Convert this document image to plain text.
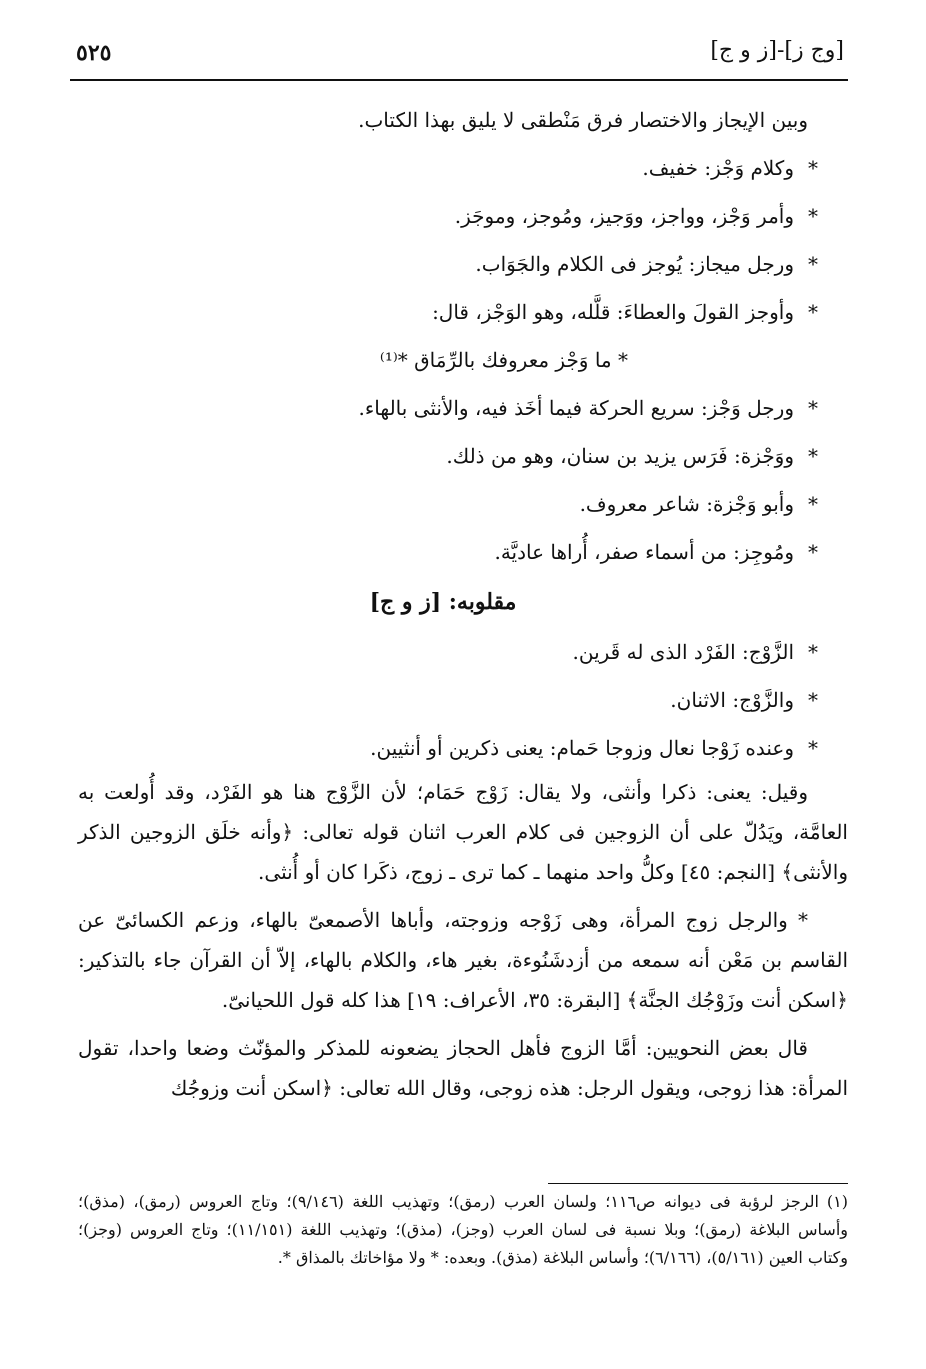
٥٢٥	[وج ز]-[ز و ج]
وبين الإيجاز والاختصار فرق مَنْطقى لا يليق بهذا الكتاب.
*وكلام وَجْز: خفيف.
*وأمر وَجْز، وواجز، ووَجيز، ومُوجز، وموجَز.
*ورجل ميجاز: يُوجز فى الكلام والجَوَاب.
*وأوجز القولَ والعطاءَ: قلَّله، وهو الوَجْز، قال:
* ما وَجْز معروفك بالرِّمَاق *⁽¹⁾
*ورجل وَجْز: سريع الحركة فيما أخَذ فيه، والأنثى بالهاء.
*ووَجْزة: فَرَس يزيد بن سنان، وهو من ذلك.
*وأبو وَجْزة: شاعر معروف.
*ومُوجِز: من أسماء صفر، أُراها عاديَّة.
مقلوبه: [ز و ج]
*الزَّوْج: الفَرْد الذى له قَرين.
*والزَّوْج: الاثنان.
*وعنده زَوْجا نعال وزوجا حَمام: يعنى ذكرين أو أنثيين.

وقيل: يعنى: ذكرا وأنثى، ولا يقال: زَوْج حَمَام؛ لأن الزَّوْج هنا هو الفَرْد، وقد أُولعت به العامَّة، ويَدُلّ على أن الزوجين فى كلام العرب اثنان قوله تعالى: ﴿وأنه خلَق الزوجين الذكر والأنثى﴾ [النجم: ٤٥] وكلُّ واحد منهما ـ كما ترى ـ زوج، ذكَرا كان أو أُنثى.

* والرجل زوج المرأة، وهى زَوْجه وزوجته، وأباها الأصمعىّ بالهاء، وزعم الكسائىّ عن القاسم بن مَعْن أنه سمعه من أزدشَنُوءة، بغير هاء، والكلام بالهاء، إلاّ أن القرآن جاء بالتذكير: ﴿اسكن أنت وزَوْجُك الجنَّة﴾ [البقرة: ٣٥، الأعراف: ١٩] هذا كله قول اللحيانىّ.

قال بعض النحويين: أمَّا الزوج فأهل الحجاز يضعونه للمذكر والمؤنّث وضعا واحدا، تقول المرأة: هذا زوجى، ويقول الرجل: هذه زوجى، وقال الله تعالى: ﴿اسكن أنت وزوجُك

(١)الرجز لرؤبة فى ديوانه ص١١٦؛ ولسان العرب (رمق)؛ وتهذيب اللغة (٩/١٤٦)؛ وتاج العروس (رمق)، (مذق)؛ وأساس البلاغة (رمق)؛ وبلا نسبة فى لسان العرب (وجز)، (مذق)؛ وتهذيب اللغة (١١/١٥١)؛ وتاج العروس (وجز)؛ وكتاب العين (٥/١٦١)، (٦/١٦٦)؛ وأساس البلاغة (مذق). وبعده: * ولا مؤاخاتك بالمذاق *.
